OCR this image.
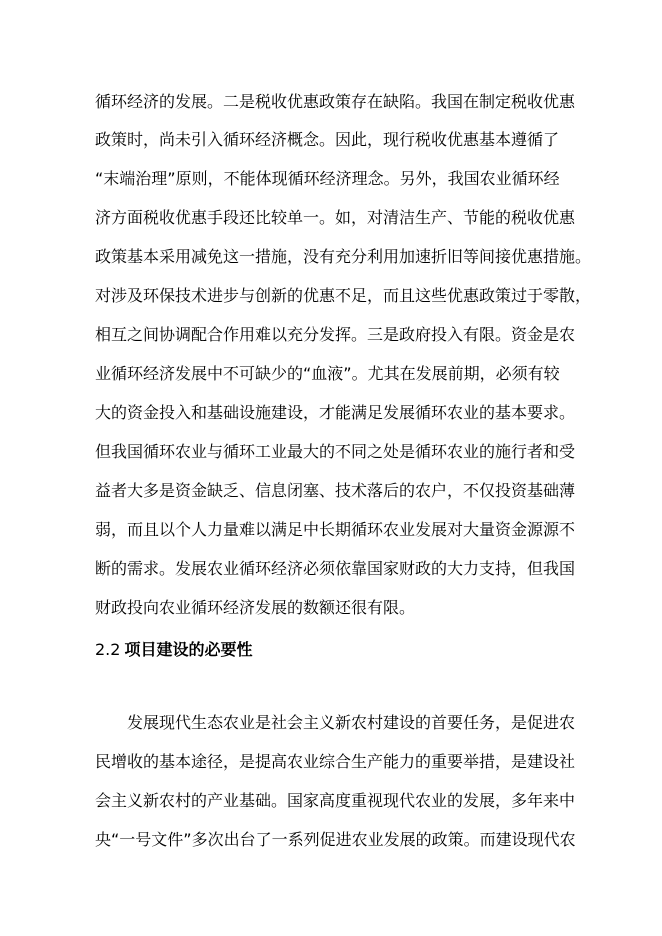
循环经济的发展。二是税收优惠政策存在缺陷。我国在制定税收优惠
政策时，尚未引入循环经济概念。因此，现行税收优惠基本遵循了
“末端治理”原则，不能体现循环经济理念。另外，我国农业循环经
济方面税收优惠手段还比较单一。如，对清洁生产、节能的税收优惠
政策基本采用减免这一措施，没有充分利用加速折旧等间接优惠措施。
对涉及环保技术进步与创新的优惠不足，而且这些优惠政策过于零散，
相互之间协调配合作用难以充分发挥。三是政府投入有限。资金是农
业循环经济发展中不可缺少的“血液”。尤其在发展前期，必须有较
大的资金投入和基础设施建设，才能满足发展循环农业的基本要求。
但我国循环农业与循环工业最大的不同之处是循环农业的施行者和受
益者大多是资金缺乏、信息闭塞、技术落后的农户，不仅投资基础薄
弱，而且以个人力量难以满足中长期循环农业发展对大量资金源源不
断的需求。发展农业循环经济必须依靠国家财政的大力支持，但我国
财政投向农业循环经济发展的数额还很有限。
2.2 项目建设的必要性
　　发展现代生态农业是社会主义新农村建设的首要任务，是促进农
民增收的基本途径，是提高农业综合生产能力的重要举措，是建设社
会主义新农村的产业基础。国家高度重视现代农业的发展，多年来中
央“一号文件”多次出台了一系列促进农业发展的政策。而建设现代农
